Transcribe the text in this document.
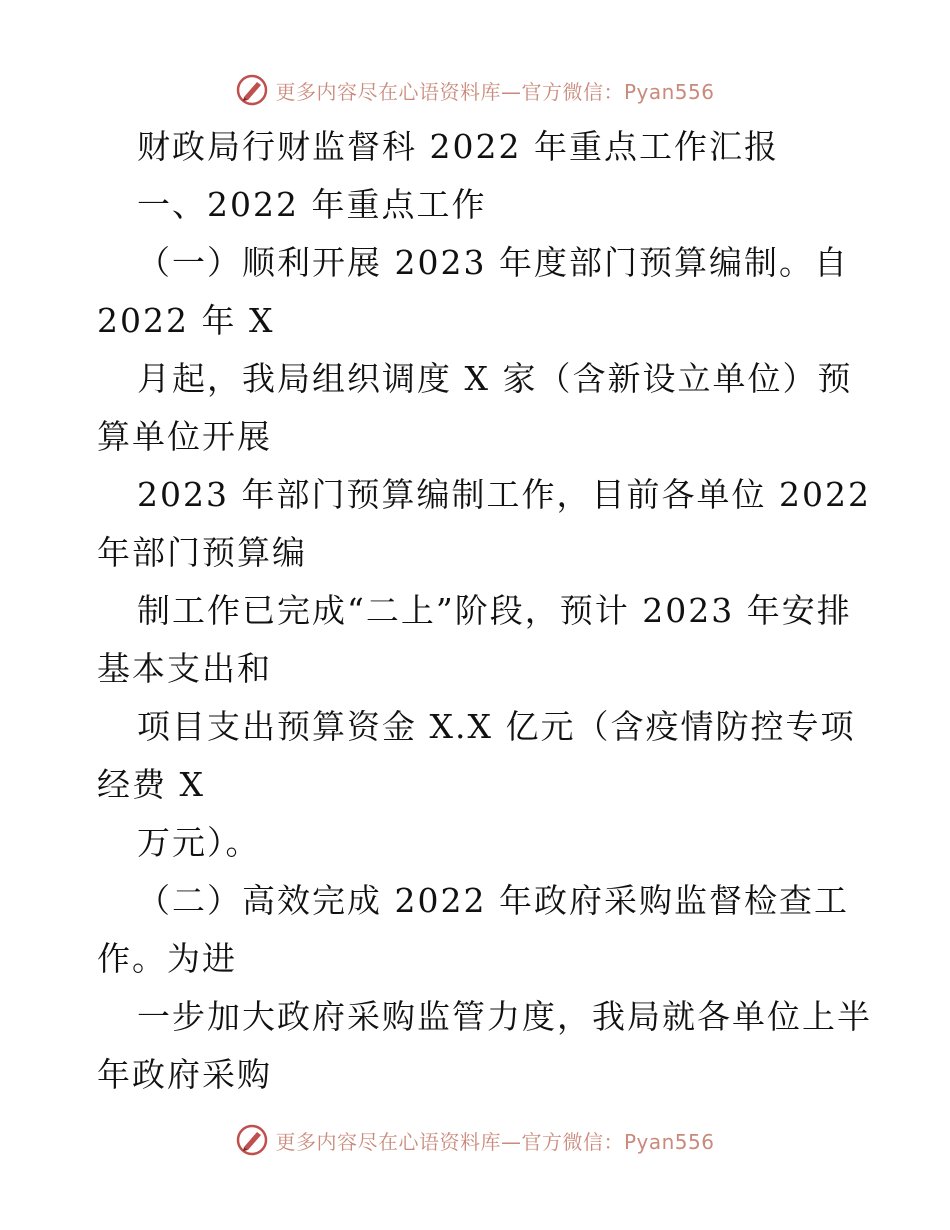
更多内容尽在心语资料库—官方微信：Pyan556
财政局行财监督科 2022 年重点工作汇报
一、2022 年重点工作
（一）顺利开展 2023 年度部门预算编制。自
2022 年 X
月起，我局组织调度 X 家（含新设立单位）预
算单位开展
2023 年部门预算编制工作，目前各单位 2022
年部门预算编
制工作已完成“二上”阶段，预计 2023 年安排
基本支出和
项目支出预算资金 X.X 亿元（含疫情防控专项
经费 X
万元）。
（二）高效完成 2022 年政府采购监督检查工
作。为进
一步加大政府采购监管力度，我局就各单位上半
年政府采购
更多内容尽在心语资料库—官方微信：Pyan556
